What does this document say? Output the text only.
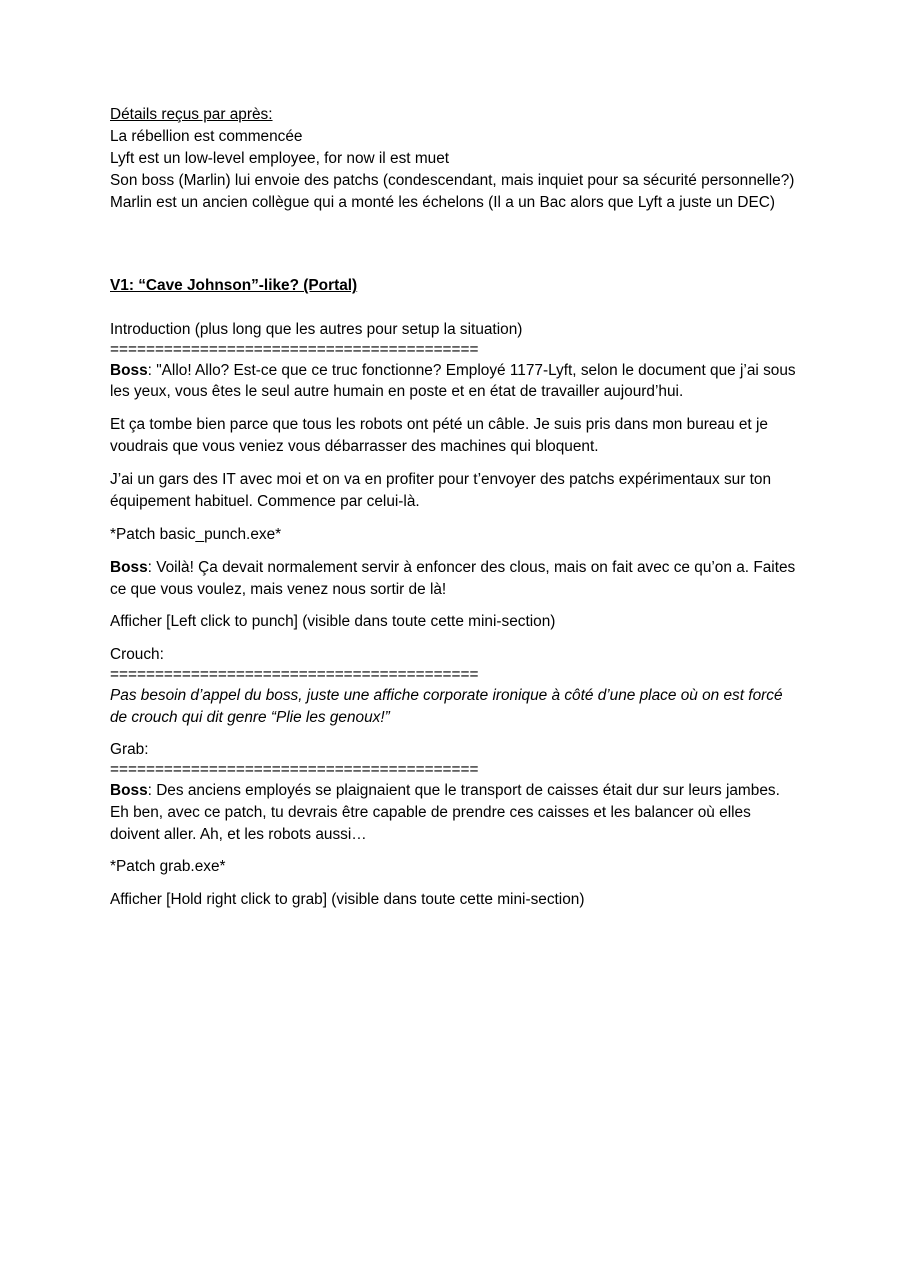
Détails reçus par après:
La rébellion est commencée
Lyft est un low-level employee, for now il est muet
Son boss (Marlin) lui envoie des patchs (condescendant, mais inquiet pour sa sécurité personnelle?)
Marlin est un ancien collègue qui a monté les échelons (Il a un Bac alors que Lyft a juste un DEC)
V1: “Cave Johnson”-like? (Portal)
Introduction (plus long que les autres pour setup la situation)
=========================================
Boss: "Allo! Allo? Est-ce que ce truc fonctionne? Employé 1177-Lyft, selon le document que j’ai sous les yeux, vous êtes le seul autre humain en poste et en état de travailler aujourd’hui.
Et ça tombe bien parce que tous les robots ont pété un câble. Je suis pris dans mon bureau et je voudrais que vous veniez vous débarrasser des machines qui bloquent.
J’ai un gars des IT avec moi et on va en profiter pour t’envoyer des patchs expérimentaux sur ton équipement habituel. Commence par celui-là.
*Patch basic_punch.exe*
Boss: Voilà! Ça devait normalement servir à enfoncer des clous, mais on fait avec ce qu’on a. Faites ce que vous voulez, mais venez nous sortir de là!
Afficher [Left click to punch] (visible dans toute cette mini-section)
Crouch:
=========================================
Pas besoin d’appel du boss, juste une affiche corporate ironique à côté d’une place où on est forcé de crouch qui dit genre “Plie les genoux!”
Grab:
=========================================
Boss: Des anciens employés se plaignaient que le transport de caisses était dur sur leurs jambes. Eh ben, avec ce patch, tu devrais être capable de prendre ces caisses et les balancer où elles doivent aller. Ah, et les robots aussi…
*Patch grab.exe*
Afficher [Hold right click to grab] (visible dans toute cette mini-section)
